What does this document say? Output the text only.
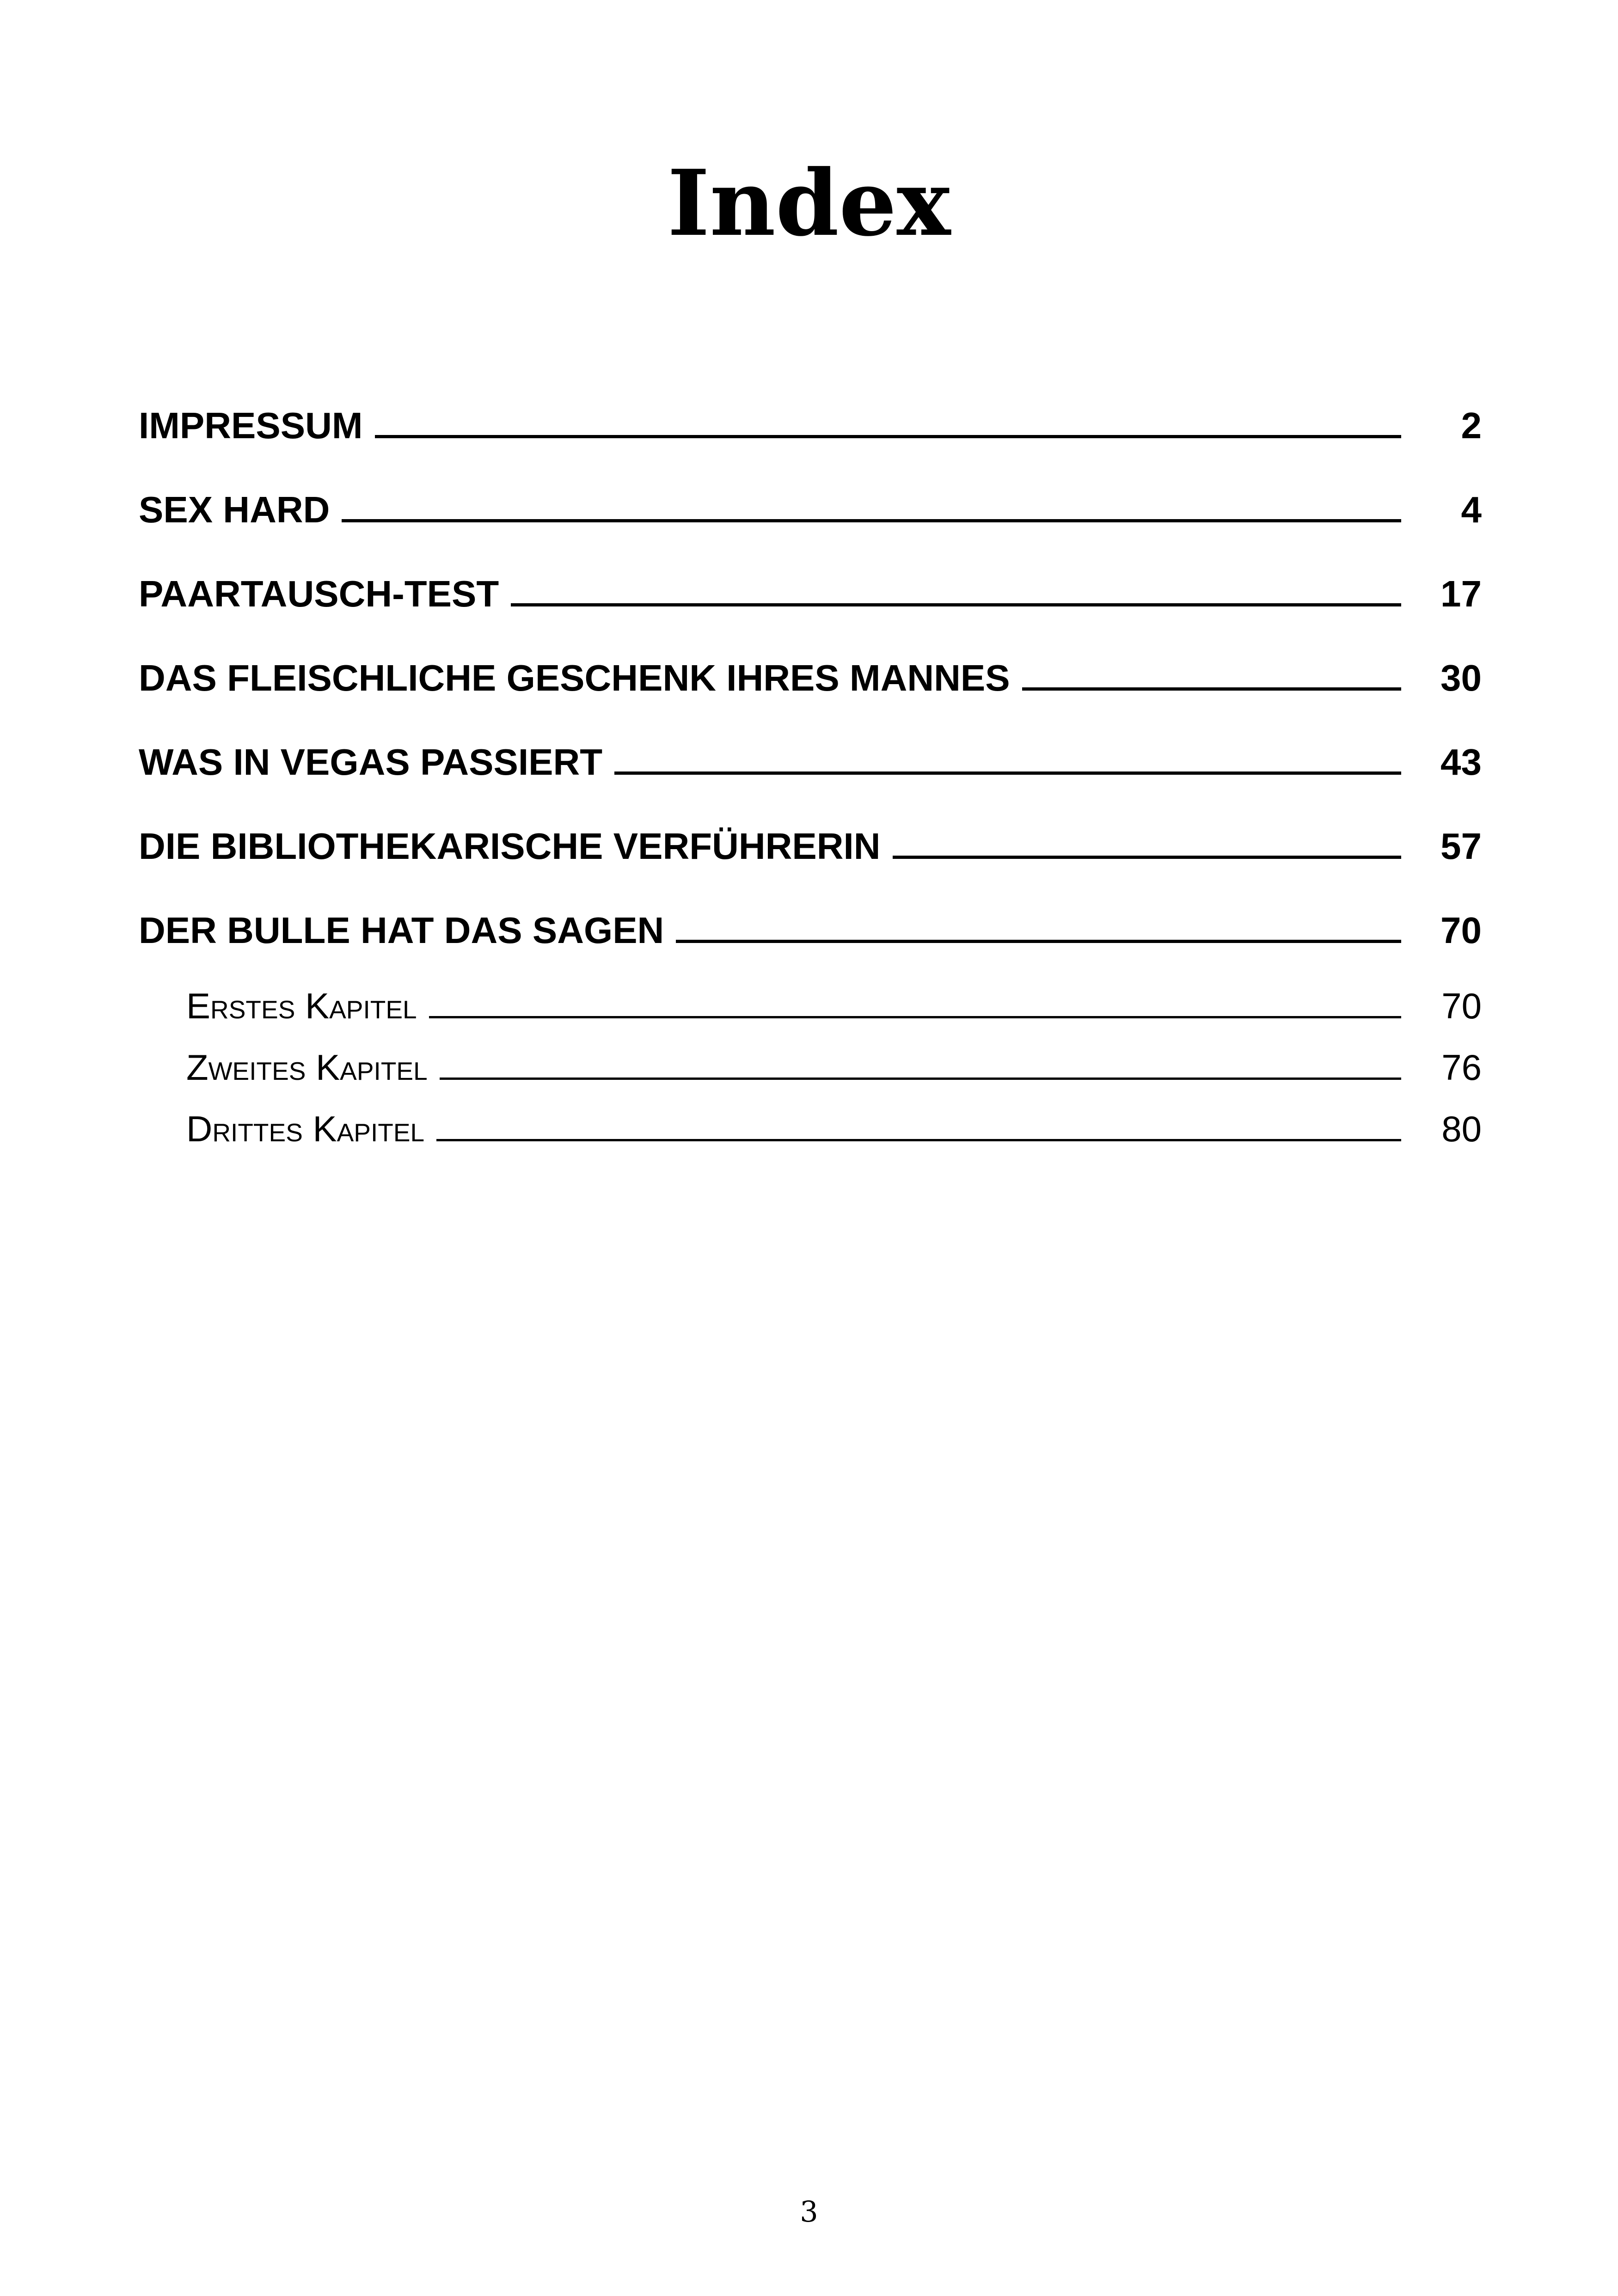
Index
IMPRESSUM	2
SEX HARD	4
PAARTAUSCH-TEST	17
DAS FLEISCHLICHE GESCHENK IHRES MANNES	30
WAS IN VEGAS PASSIERT	43
DIE BIBLIOTHEKARISCHE VERFÜHRERIN	57
DER BULLE HAT DAS SAGEN	70
Erstes Kapitel	70
Zweites Kapitel	76
Drittes Kapitel	80
3
